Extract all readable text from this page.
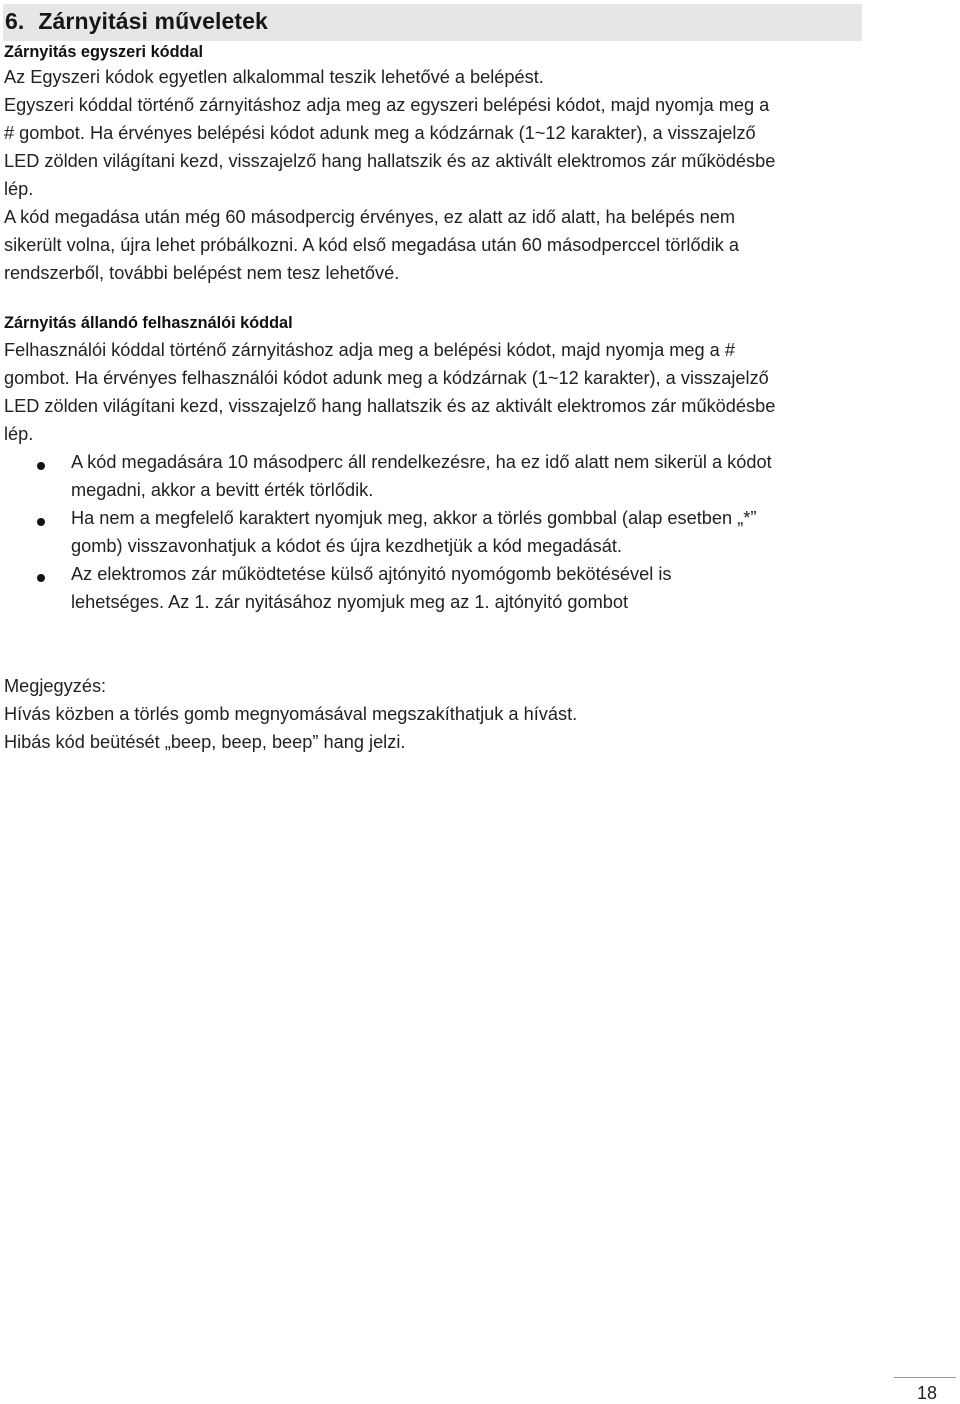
6. Zárnyitási műveletek
Zárnyitás egyszeri kóddal
Az Egyszeri kódok egyetlen alkalommal teszik lehetővé a belépést.
Egyszeri kóddal történő zárnyitáshoz adja meg az egyszeri belépési kódot, majd nyomja meg a
# gombot. Ha érvényes belépési kódot adunk meg a kódzárnak (1~12 karakter), a visszajelző
LED zölden világítani kezd, visszajelző hang hallatszik és az aktivált elektromos zár működésbe
lép.
A kód megadása után még 60 másodpercig érvényes, ez alatt az idő alatt, ha belépés nem
sikerült volna, újra lehet próbálkozni. A kód első megadása után 60 másodperccel törlődik a
rendszerből, további belépést nem tesz lehetővé.
Zárnyitás állandó felhasználói kóddal
Felhasználói kóddal történő zárnyitáshoz adja meg a belépési kódot, majd nyomja meg a #
gombot. Ha érvényes felhasználói kódot adunk meg a kódzárnak (1~12 karakter), a visszajelző
LED zölden világítani kezd, visszajelző hang hallatszik és az aktivált elektromos zár működésbe
lép.
A kód megadására 10 másodperc áll rendelkezésre, ha ez idő alatt nem sikerül a kódot
megadni, akkor a bevitt érték törlődik.
Ha nem a megfelelő karaktert nyomjuk meg, akkor a törlés gombbal (alap esetben „*”
gomb) visszavonhatjuk a kódot és újra kezdhetjük a kód megadását.
Az elektromos zár működtetése külső ajtónyitó nyomógomb bekötésével is
lehetséges. Az 1. zár nyitásához nyomjuk meg az 1. ajtónyitó gombot
Megjegyzés:
Hívás közben a törlés gomb megnyomásával megszakíthatjuk a hívást.
Hibás kód beütését „beep, beep, beep” hang jelzi.
18
